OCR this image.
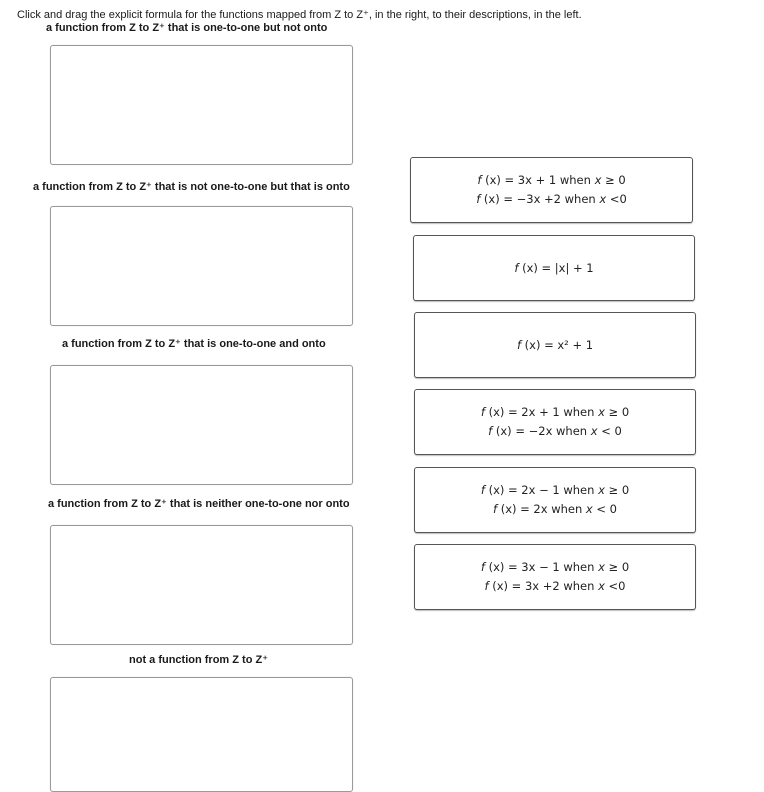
Click and drag the explicit formula for the functions mapped from Z to Z⁺, in the right, to their descriptions, in the left.
a function from Z to Z⁺ that is one-to-one but not onto
a function from Z to Z⁺ that is not one-to-one but that is onto
a function from Z to Z⁺ that is one-to-one and onto
a function from Z to Z⁺ that is neither one-to-one nor onto
not a function from Z to Z⁺
f (x) = 3x + 1 when x ≥ 0
f (x) = −3x +2 when x <0
f (x) = |x| + 1
f (x) = x² + 1
f (x) = 2x + 1 when x ≥ 0
f (x) = −2x when x < 0
f (x) = 2x − 1 when x ≥ 0
f (x) = 2x when x < 0
f (x) = 3x − 1 when x ≥ 0
f (x) = 3x +2 when x <0
